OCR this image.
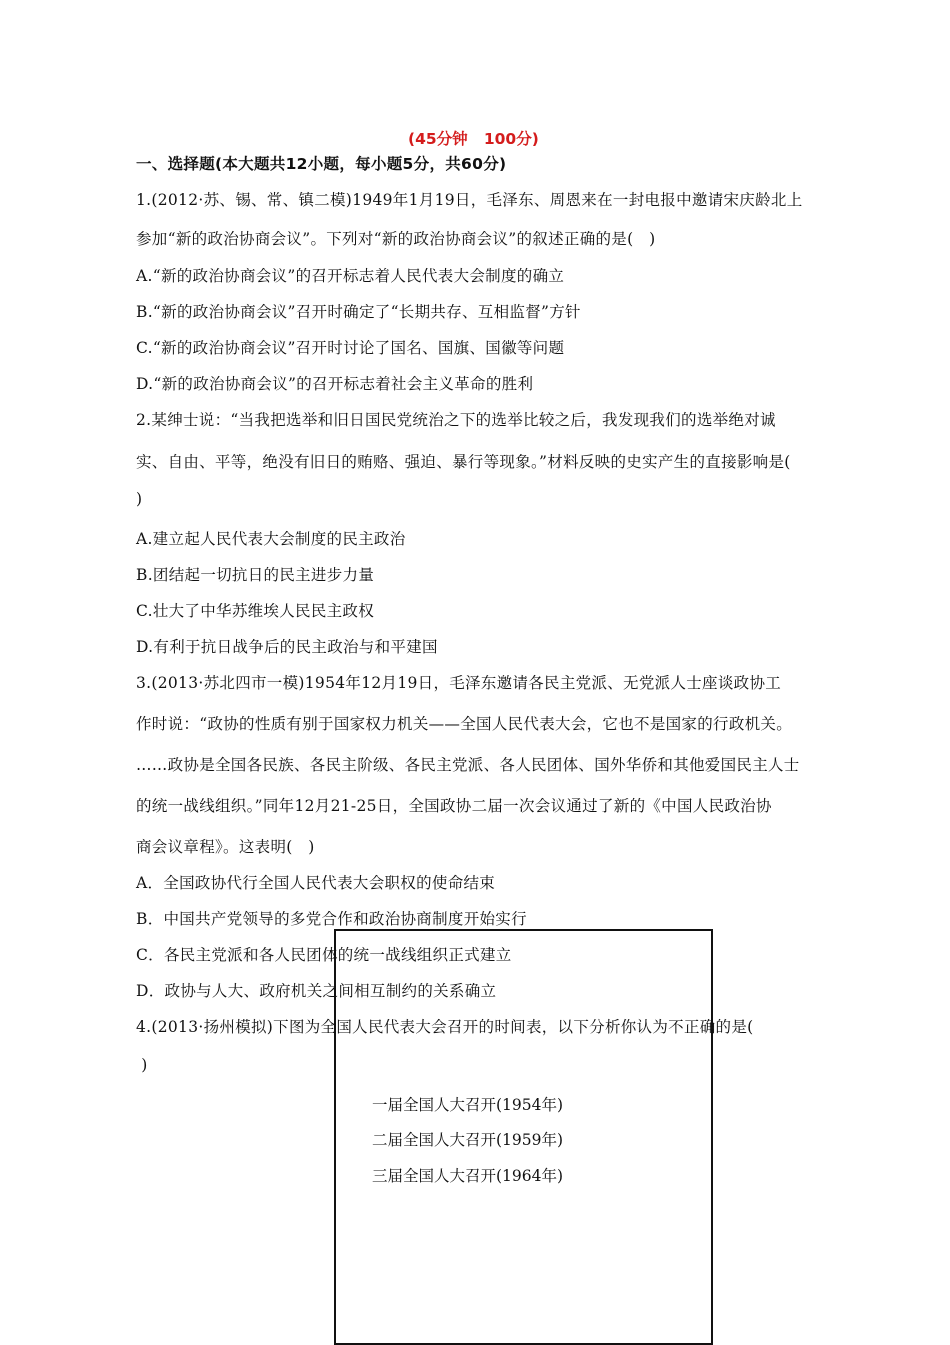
(45分钟   100分)
一、选择题(本大题共12小题，每小题5分，共60分)
1.(2012·苏、锡、常、镇二模)1949年1月19日，毛泽东、周恩来在一封电报中邀请宋庆龄北上
参加“新的政治协商会议”。下列对“新的政治协商会议”的叙述正确的是(   )
A.“新的政治协商会议”的召开标志着人民代表大会制度的确立
B.“新的政治协商会议”召开时确定了“长期共存、互相监督”方针
C.“新的政治协商会议”召开时讨论了国名、国旗、国徽等问题
D.“新的政治协商会议”的召开标志着社会主义革命的胜利
2.某绅士说：“当我把选举和旧日国民党统治之下的选举比较之后，我发现我们的选举绝对诚
实、自由、平等，绝没有旧日的贿赂、强迫、暴行等现象。”材料反映的史实产生的直接影响是(
)
A.建立起人民代表大会制度的民主政治
B.团结起一切抗日的民主进步力量
C.壮大了中华苏维埃人民民主政权
D.有利于抗日战争后的民主政治与和平建国
3.(2013·苏北四市一模)1954年12月19日，毛泽东邀请各民主党派、无党派人士座谈政协工
作时说：“政协的性质有别于国家权力机关——全国人民代表大会，它也不是国家的行政机关。
……政协是全国各民族、各民主阶级、各民主党派、各人民团体、国外华侨和其他爱国民主人士
的统一战线组织。”同年12月21-25日，全国政协二届一次会议通过了新的《中国人民政治协
商会议章程》。这表明(   )
A．全国政协代行全国人民代表大会职权的使命结束
B．中国共产党领导的多党合作和政治协商制度开始实行
C．各民主党派和各人民团体的统一战线组织正式建立
D．政协与人大、政府机关之间相互制约的关系确立
4.(2013·扬州模拟)下图为全国人民代表大会召开的时间表，以下分析你认为不正确的是(
)
一届全国人大召开(1954年)
二届全国人大召开(1959年)
三届全国人大召开(1964年)
